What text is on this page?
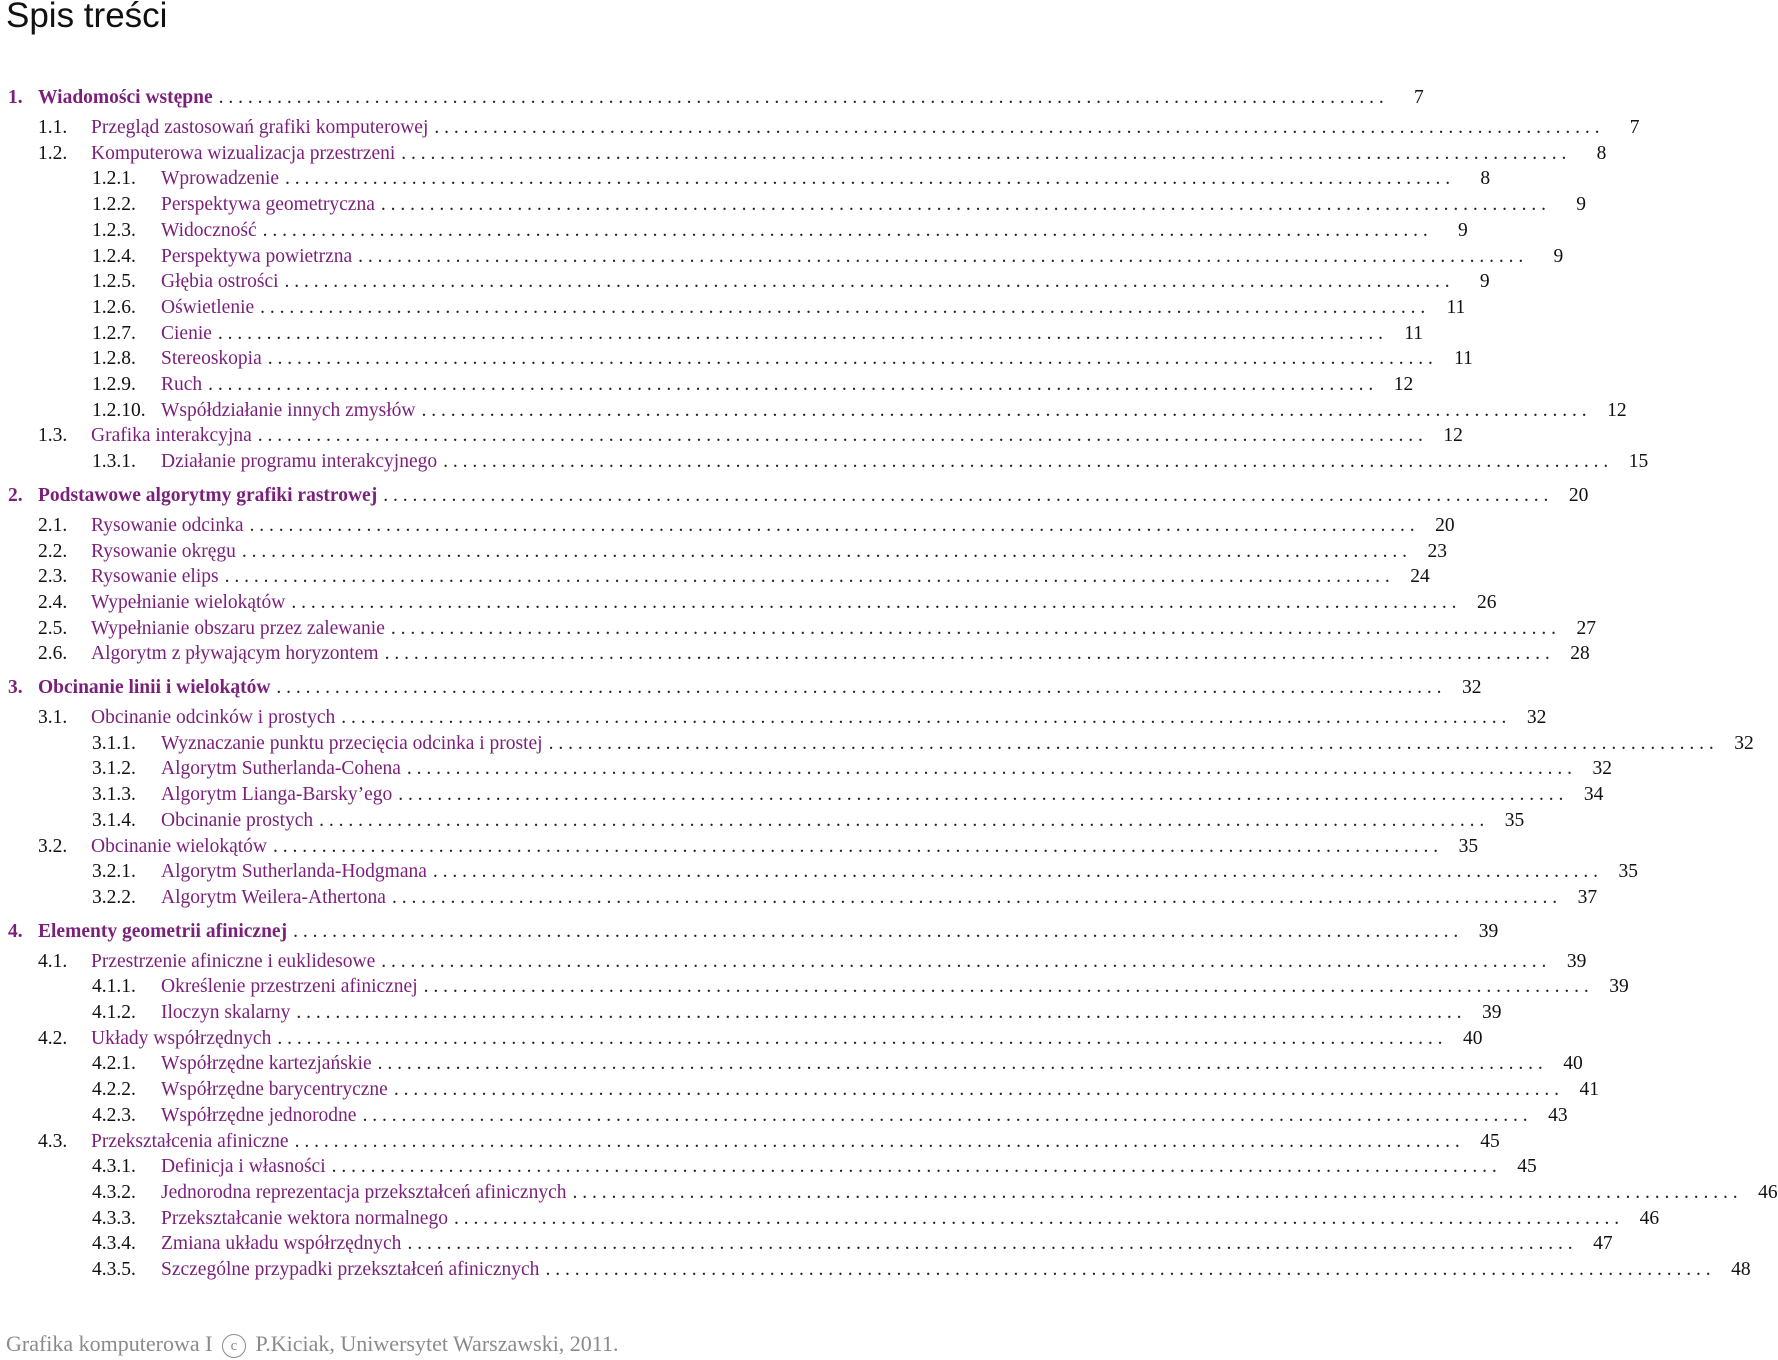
Spis treści
1. Wiadomości wstępne . . . . . . . . . . . . . . . . . . . . . . . . . . . . . . . . . . . . . . . . . . . . . . . . . . . . . . . . . . . . . . . . . . . . . . . . . . . . . . . . . . . . . . . . . . . . . . . . . . . . . . . . . . . . . . . . . . . . . . . .	7
1.1.	Przegląd zastosowań grafiki komputerowej . . . . . . . . . . . . . . . . . . . . . . . . . . . . . . . . . . . . . . . . . . . . . . . . . . . . . . . . . . . . . . . . . . . . . . . . . . . . . . . . . . . . . . . . . . . . . . . . . . . . . . . . . . . . . . . . . . . . . . . .	7
1.2.	Komputerowa wizualizacja przestrzeni . . . . . . . . . . . . . . . . . . . . . . . . . . . . . . . . . . . . . . . . . . . . . . . . . . . . . . . . . . . . . . . . . . . . . . . . . . . . . . . . . . . . . . . . . . . . . . . . . . . . . . . . . . . . . . . . . . . . . . . .	8
1.2.1.	Wprowadzenie . . . . . . . . . . . . . . . . . . . . . . . . . . . . . . . . . . . . . . . . . . . . . . . . . . . . . . . . . . . . . . . . . . . . . . . . . . . . . . . . . . . . . . . . . . . . . . . . . . . . . . . . . . . . . . . . . . . . . . . .	8
1.2.2.	Perspektywa geometryczna . . . . . . . . . . . . . . . . . . . . . . . . . . . . . . . . . . . . . . . . . . . . . . . . . . . . . . . . . . . . . . . . . . . . . . . . . . . . . . . . . . . . . . . . . . . . . . . . . . . . . . . . . . . . . . . . . . . . . . . .	9
1.2.3.	Widoczność . . . . . . . . . . . . . . . . . . . . . . . . . . . . . . . . . . . . . . . . . . . . . . . . . . . . . . . . . . . . . . . . . . . . . . . . . . . . . . . . . . . . . . . . . . . . . . . . . . . . . . . . . . . . . . . . . . . . . . . .	9
1.2.4.	Perspektywa powietrzna . . . . . . . . . . . . . . . . . . . . . . . . . . . . . . . . . . . . . . . . . . . . . . . . . . . . . . . . . . . . . . . . . . . . . . . . . . . . . . . . . . . . . . . . . . . . . . . . . . . . . . . . . . . . . . . . . . . . . . . .	9
1.2.5.	Głębia ostrości . . . . . . . . . . . . . . . . . . . . . . . . . . . . . . . . . . . . . . . . . . . . . . . . . . . . . . . . . . . . . . . . . . . . . . . . . . . . . . . . . . . . . . . . . . . . . . . . . . . . . . . . . . . . . . . . . . . . . . . .	9
1.2.6.	Oświetlenie . . . . . . . . . . . . . . . . . . . . . . . . . . . . . . . . . . . . . . . . . . . . . . . . . . . . . . . . . . . . . . . . . . . . . . . . . . . . . . . . . . . . . . . . . . . . . . . . . . . . . . . . . . . . . . . . . . . . . . . .	11
1.2.7.	Cienie . . . . . . . . . . . . . . . . . . . . . . . . . . . . . . . . . . . . . . . . . . . . . . . . . . . . . . . . . . . . . . . . . . . . . . . . . . . . . . . . . . . . . . . . . . . . . . . . . . . . . . . . . . . . . . . . . . . . . . . .	11
1.2.8.	Stereoskopia . . . . . . . . . . . . . . . . . . . . . . . . . . . . . . . . . . . . . . . . . . . . . . . . . . . . . . . . . . . . . . . . . . . . . . . . . . . . . . . . . . . . . . . . . . . . . . . . . . . . . . . . . . . . . . . . . . . . . . . .	11
1.2.9.	Ruch . . . . . . . . . . . . . . . . . . . . . . . . . . . . . . . . . . . . . . . . . . . . . . . . . . . . . . . . . . . . . . . . . . . . . . . . . . . . . . . . . . . . . . . . . . . . . . . . . . . . . . . . . . . . . . . . . . . . . . . .	12
1.2.10. Współdziałanie innych zmysłów . . . . . . . . . . . . . . . . . . . . . . . . . . . . . . . . . . . . . . . . . . . . . . . . . . . . . . . . . . . . . . . . . . . . . . . . . . . . . . . . . . . . . . . . . . . . . . . . . . . . . . . . . . . . . . . . . . . . . . . .	12
1.3.	Grafika interakcyjna . . . . . . . . . . . . . . . . . . . . . . . . . . . . . . . . . . . . . . . . . . . . . . . . . . . . . . . . . . . . . . . . . . . . . . . . . . . . . . . . . . . . . . . . . . . . . . . . . . . . . . . . . . . . . . . . . . . . . . . .	12
1.3.1.	Działanie programu interakcyjnego . . . . . . . . . . . . . . . . . . . . . . . . . . . . . . . . . . . . . . . . . . . . . . . . . . . . . . . . . . . . . . . . . . . . . . . . . . . . . . . . . . . . . . . . . . . . . . . . . . . . . . . . . . . . . . . . . . . . . . . .	15
2. Podstawowe algorytmy grafiki rastrowej . . . . . . . . . . . . . . . . . . . . . . . . . . . . . . . . . . . . . . . . . . . . . . . . . . . . . . . . . . . . . . . . . . . . . . . . . . . . . . . . . . . . . . . . . . . . . . . . . . . . . . . . . . . . . . . . . . . . . . . .	20
2.1.	Rysowanie odcinka . . . . . . . . . . . . . . . . . . . . . . . . . . . . . . . . . . . . . . . . . . . . . . . . . . . . . . . . . . . . . . . . . . . . . . . . . . . . . . . . . . . . . . . . . . . . . . . . . . . . . . . . . . . . . . . . . . . . . . . .	20
2.2.	Rysowanie okręgu . . . . . . . . . . . . . . . . . . . . . . . . . . . . . . . . . . . . . . . . . . . . . . . . . . . . . . . . . . . . . . . . . . . . . . . . . . . . . . . . . . . . . . . . . . . . . . . . . . . . . . . . . . . . . . . . . . . . . . . .	23
2.3.	Rysowanie elips . . . . . . . . . . . . . . . . . . . . . . . . . . . . . . . . . . . . . . . . . . . . . . . . . . . . . . . . . . . . . . . . . . . . . . . . . . . . . . . . . . . . . . . . . . . . . . . . . . . . . . . . . . . . . . . . . . . . . . . .	24
2.4.	Wypełnianie wielokątów . . . . . . . . . . . . . . . . . . . . . . . . . . . . . . . . . . . . . . . . . . . . . . . . . . . . . . . . . . . . . . . . . . . . . . . . . . . . . . . . . . . . . . . . . . . . . . . . . . . . . . . . . . . . . . . . . . . . . . . .	26
2.5.	Wypełnianie obszaru przez zalewanie . . . . . . . . . . . . . . . . . . . . . . . . . . . . . . . . . . . . . . . . . . . . . . . . . . . . . . . . . . . . . . . . . . . . . . . . . . . . . . . . . . . . . . . . . . . . . . . . . . . . . . . . . . . . . . . . . . . . . . . .	27
2.6.	Algorytm z pływającym horyzontem . . . . . . . . . . . . . . . . . . . . . . . . . . . . . . . . . . . . . . . . . . . . . . . . . . . . . . . . . . . . . . . . . . . . . . . . . . . . . . . . . . . . . . . . . . . . . . . . . . . . . . . . . . . . . . . . . . . . . . . .	28
3. Obcinanie linii i wielokątów . . . . . . . . . . . . . . . . . . . . . . . . . . . . . . . . . . . . . . . . . . . . . . . . . . . . . . . . . . . . . . . . . . . . . . . . . . . . . . . . . . . . . . . . . . . . . . . . . . . . . . . . . . . . . . . . . . . . . . . .	32
3.1.	Obcinanie odcinków i prostych . . . . . . . . . . . . . . . . . . . . . . . . . . . . . . . . . . . . . . . . . . . . . . . . . . . . . . . . . . . . . . . . . . . . . . . . . . . . . . . . . . . . . . . . . . . . . . . . . . . . . . . . . . . . . . . . . . . . . . . .	32
3.1.1.	Wyznaczanie punktu przecięcia odcinka i prostej . . . . . . . . . . . . . . . . . . . . . . . . . . . . . . . . . . . . . . . . . . . . . . . . . . . . . . . . . . . . . . . . . . . . . . . . . . . . . . . . . . . . . . . . . . . . . . . . . . . . . . . . . . . . . . . . . . . . . . . .	32
3.1.2.	Algorytm Sutherlanda-Cohena . . . . . . . . . . . . . . . . . . . . . . . . . . . . . . . . . . . . . . . . . . . . . . . . . . . . . . . . . . . . . . . . . . . . . . . . . . . . . . . . . . . . . . . . . . . . . . . . . . . . . . . . . . . . . . . . . . . . . . . .	32
3.1.3.	Algorytm Lianga-Barsky’ego . . . . . . . . . . . . . . . . . . . . . . . . . . . . . . . . . . . . . . . . . . . . . . . . . . . . . . . . . . . . . . . . . . . . . . . . . . . . . . . . . . . . . . . . . . . . . . . . . . . . . . . . . . . . . . . . . . . . . . . .	34
3.1.4.	Obcinanie prostych . . . . . . . . . . . . . . . . . . . . . . . . . . . . . . . . . . . . . . . . . . . . . . . . . . . . . . . . . . . . . . . . . . . . . . . . . . . . . . . . . . . . . . . . . . . . . . . . . . . . . . . . . . . . . . . . . . . . . . . .	35
3.2.	Obcinanie wielokątów . . . . . . . . . . . . . . . . . . . . . . . . . . . . . . . . . . . . . . . . . . . . . . . . . . . . . . . . . . . . . . . . . . . . . . . . . . . . . . . . . . . . . . . . . . . . . . . . . . . . . . . . . . . . . . . . . . . . . . . .	35
3.2.1.	Algorytm Sutherlanda-Hodgmana . . . . . . . . . . . . . . . . . . . . . . . . . . . . . . . . . . . . . . . . . . . . . . . . . . . . . . . . . . . . . . . . . . . . . . . . . . . . . . . . . . . . . . . . . . . . . . . . . . . . . . . . . . . . . . . . . . . . . . . .	35
3.2.2.	Algorytm Weilera-Athertona . . . . . . . . . . . . . . . . . . . . . . . . . . . . . . . . . . . . . . . . . . . . . . . . . . . . . . . . . . . . . . . . . . . . . . . . . . . . . . . . . . . . . . . . . . . . . . . . . . . . . . . . . . . . . . . . . . . . . . . .	37
4. Elementy geometrii afinicznej . . . . . . . . . . . . . . . . . . . . . . . . . . . . . . . . . . . . . . . . . . . . . . . . . . . . . . . . . . . . . . . . . . . . . . . . . . . . . . . . . . . . . . . . . . . . . . . . . . . . . . . . . . . . . . . . . . . . . . . .	39
4.1.	Przestrzenie afiniczne i euklidesowe . . . . . . . . . . . . . . . . . . . . . . . . . . . . . . . . . . . . . . . . . . . . . . . . . . . . . . . . . . . . . . . . . . . . . . . . . . . . . . . . . . . . . . . . . . . . . . . . . . . . . . . . . . . . . . . . . . . . . . . .	39
4.1.1.	Określenie przestrzeni afinicznej . . . . . . . . . . . . . . . . . . . . . . . . . . . . . . . . . . . . . . . . . . . . . . . . . . . . . . . . . . . . . . . . . . . . . . . . . . . . . . . . . . . . . . . . . . . . . . . . . . . . . . . . . . . . . . . . . . . . . . . .	39
4.1.2.	Iloczyn skalarny . . . . . . . . . . . . . . . . . . . . . . . . . . . . . . . . . . . . . . . . . . . . . . . . . . . . . . . . . . . . . . . . . . . . . . . . . . . . . . . . . . . . . . . . . . . . . . . . . . . . . . . . . . . . . . . . . . . . . . . .	39
4.2.	Układy współrzędnych . . . . . . . . . . . . . . . . . . . . . . . . . . . . . . . . . . . . . . . . . . . . . . . . . . . . . . . . . . . . . . . . . . . . . . . . . . . . . . . . . . . . . . . . . . . . . . . . . . . . . . . . . . . . . . . . . . . . . . . .	40
4.2.1.	Współrzędne kartezjańskie . . . . . . . . . . . . . . . . . . . . . . . . . . . . . . . . . . . . . . . . . . . . . . . . . . . . . . . . . . . . . . . . . . . . . . . . . . . . . . . . . . . . . . . . . . . . . . . . . . . . . . . . . . . . . . . . . . . . . . . .	40
4.2.2.	Współrzędne barycentryczne . . . . . . . . . . . . . . . . . . . . . . . . . . . . . . . . . . . . . . . . . . . . . . . . . . . . . . . . . . . . . . . . . . . . . . . . . . . . . . . . . . . . . . . . . . . . . . . . . . . . . . . . . . . . . . . . . . . . . . . .	41
4.2.3.	Współrzędne jednorodne . . . . . . . . . . . . . . . . . . . . . . . . . . . . . . . . . . . . . . . . . . . . . . . . . . . . . . . . . . . . . . . . . . . . . . . . . . . . . . . . . . . . . . . . . . . . . . . . . . . . . . . . . . . . . . . . . . . . . . . .	43
4.3.	Przekształcenia afiniczne . . . . . . . . . . . . . . . . . . . . . . . . . . . . . . . . . . . . . . . . . . . . . . . . . . . . . . . . . . . . . . . . . . . . . . . . . . . . . . . . . . . . . . . . . . . . . . . . . . . . . . . . . . . . . . . . . . . . . . . .	45
4.3.1.	Definicja i własności . . . . . . . . . . . . . . . . . . . . . . . . . . . . . . . . . . . . . . . . . . . . . . . . . . . . . . . . . . . . . . . . . . . . . . . . . . . . . . . . . . . . . . . . . . . . . . . . . . . . . . . . . . . . . . . . . . . . . . . .	45
4.3.2.	Jednorodna reprezentacja przekształceń afinicznych . . . . . . . . . . . . . . . . . . . . . . . . . . . . . . . . . . . . . . . . . . . . . . . . . . . . . . . . . . . . . . . . . . . . . . . . . . . . . . . . . . . . . . . . . . . . . . . . . . . . . . . . . . . . . . . . . . . . . . . .	46
4.3.3.	Przekształcanie wektora normalnego . . . . . . . . . . . . . . . . . . . . . . . . . . . . . . . . . . . . . . . . . . . . . . . . . . . . . . . . . . . . . . . . . . . . . . . . . . . . . . . . . . . . . . . . . . . . . . . . . . . . . . . . . . . . . . . . . . . . . . . .	46
4.3.4.	Zmiana układu współrzędnych . . . . . . . . . . . . . . . . . . . . . . . . . . . . . . . . . . . . . . . . . . . . . . . . . . . . . . . . . . . . . . . . . . . . . . . . . . . . . . . . . . . . . . . . . . . . . . . . . . . . . . . . . . . . . . . . . . . . . . . .	47
4.3.5.	Szczególne przypadki przekształceń afinicznych . . . . . . . . . . . . . . . . . . . . . . . . . . . . . . . . . . . . . . . . . . . . . . . . . . . . . . . . . . . . . . . . . . . . . . . . . . . . . . . . . . . . . . . . . . . . . . . . . . . . . . . . . . . . . . . . . . . . . . . .	48
Grafika komputerowa I c P.Kiciak, Uniwersytet Warszawski, 2011.
